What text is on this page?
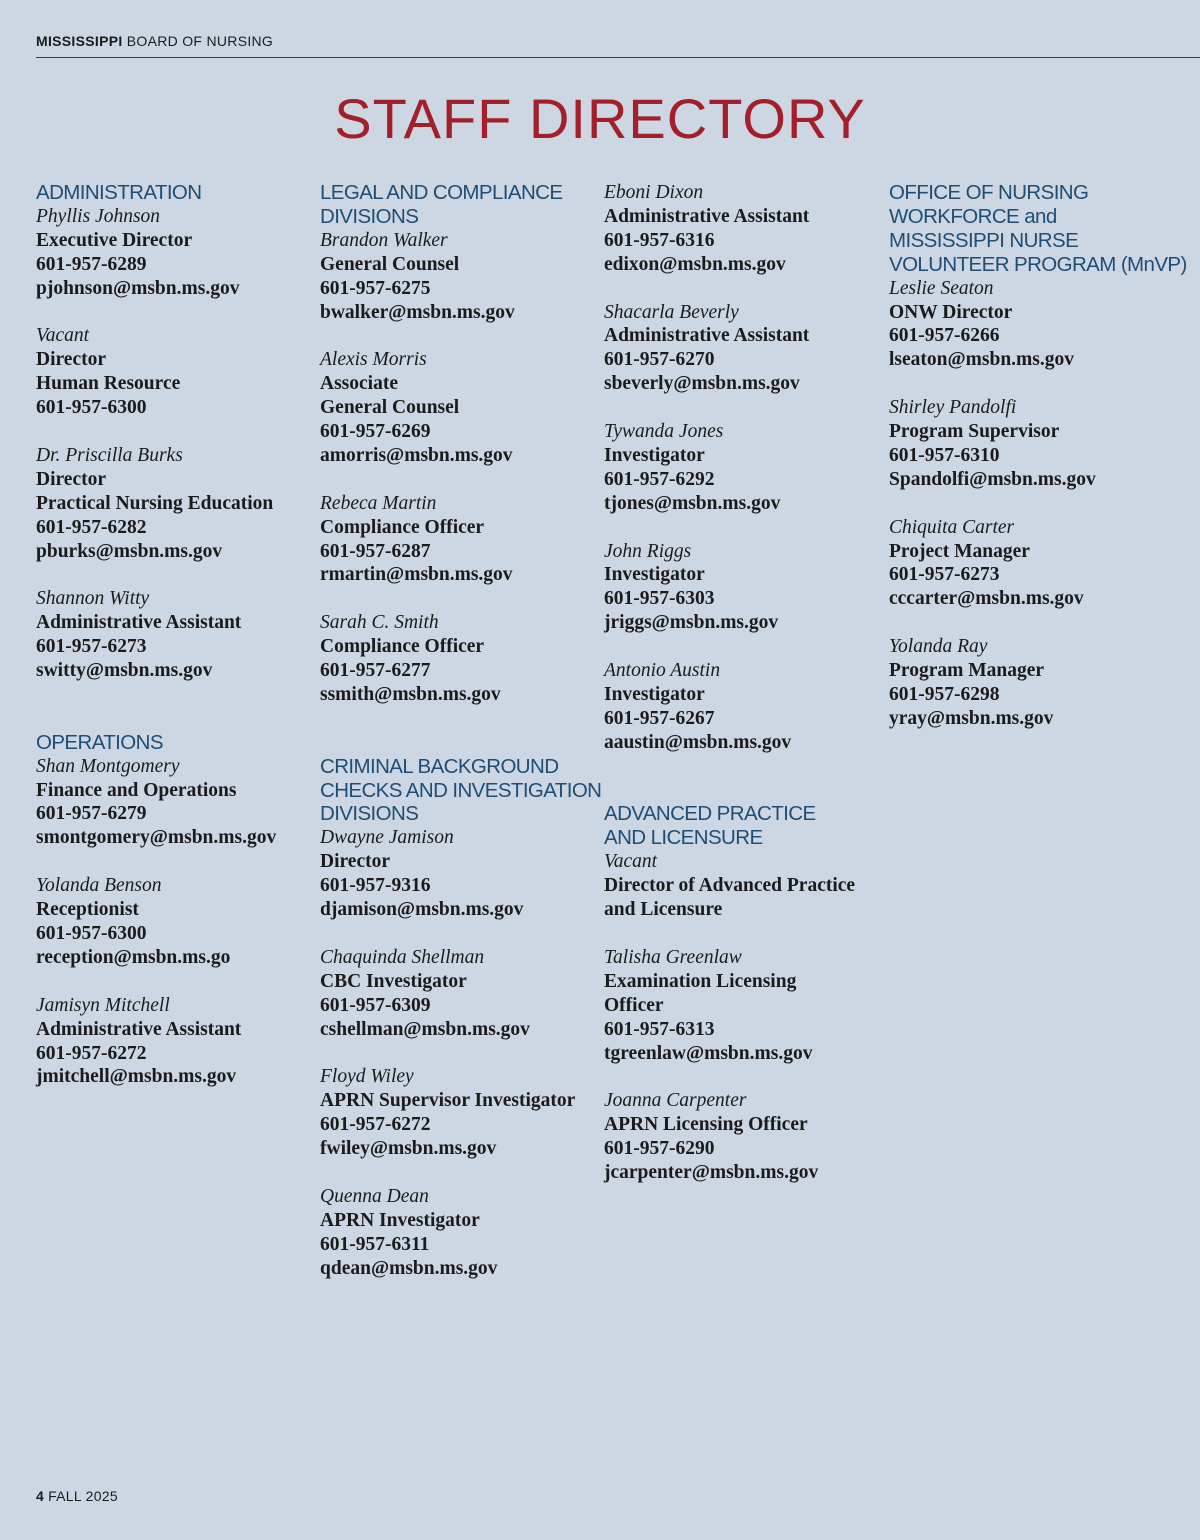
MISSISSIPPI BOARD OF NURSING
STAFF DIRECTORY
ADMINISTRATION
Phyllis Johnson
Executive Director
601-957-6289
pjohnson@msbn.ms.gov
Vacant
Director
Human Resource
601-957-6300
Dr. Priscilla Burks
Director
Practical Nursing Education
601-957-6282
pburks@msbn.ms.gov
Shannon Witty
Administrative Assistant
601-957-6273
switty@msbn.ms.gov
OPERATIONS
Shan Montgomery
Finance and Operations
601-957-6279
smontgomery@msbn.ms.gov
Yolanda Benson
Receptionist
601-957-6300
reception@msbn.ms.go
Jamisyn Mitchell
Administrative Assistant
601-957-6272
jmitchell@msbn.ms.gov
LEGAL AND COMPLIANCE
DIVISIONS
Brandon Walker
General Counsel
601-957-6275
bwalker@msbn.ms.gov
Alexis Morris
Associate
General Counsel
601-957-6269
amorris@msbn.ms.gov
Rebeca Martin
Compliance Officer
601-957-6287
rmartin@msbn.ms.gov
Sarah C. Smith
Compliance Officer
601-957-6277
ssmith@msbn.ms.gov
CRIMINAL BACKGROUND
CHECKS AND INVESTIGATION
DIVISIONS
Dwayne Jamison
Director
601-957-9316
djamison@msbn.ms.gov
Chaquinda Shellman
CBC Investigator
601-957-6309
cshellman@msbn.ms.gov
Floyd Wiley
APRN Supervisor Investigator
601-957-6272
fwiley@msbn.ms.gov
Quenna Dean
APRN Investigator
601-957-6311
qdean@msbn.ms.gov
Eboni Dixon
Administrative Assistant
601-957-6316
edixon@msbn.ms.gov
Shacarla Beverly
Administrative Assistant
601-957-6270
sbeverly@msbn.ms.gov
Tywanda Jones
Investigator
601-957-6292
tjones@msbn.ms.gov
John Riggs
Investigator
601-957-6303
jriggs@msbn.ms.gov
Antonio Austin
Investigator
601-957-6267
aaustin@msbn.ms.gov
ADVANCED PRACTICE
AND LICENSURE
Vacant
Director of Advanced Practice
and Licensure
Talisha Greenlaw
Examination Licensing
Officer
601-957-6313
tgreenlaw@msbn.ms.gov
Joanna Carpenter
APRN Licensing Officer
601-957-6290
jcarpenter@msbn.ms.gov
OFFICE OF NURSING
WORKFORCE and
MISSISSIPPI NURSE
VOLUNTEER PROGRAM (MnVP)
Leslie Seaton
ONW Director
601-957-6266
lseaton@msbn.ms.gov
Shirley Pandolfi
Program Supervisor
601-957-6310
Spandolfi@msbn.ms.gov
Chiquita Carter
Project Manager
601-957-6273
cccarter@msbn.ms.gov
Yolanda Ray
Program Manager
601-957-6298
yray@msbn.ms.gov
4 FALL 2025
